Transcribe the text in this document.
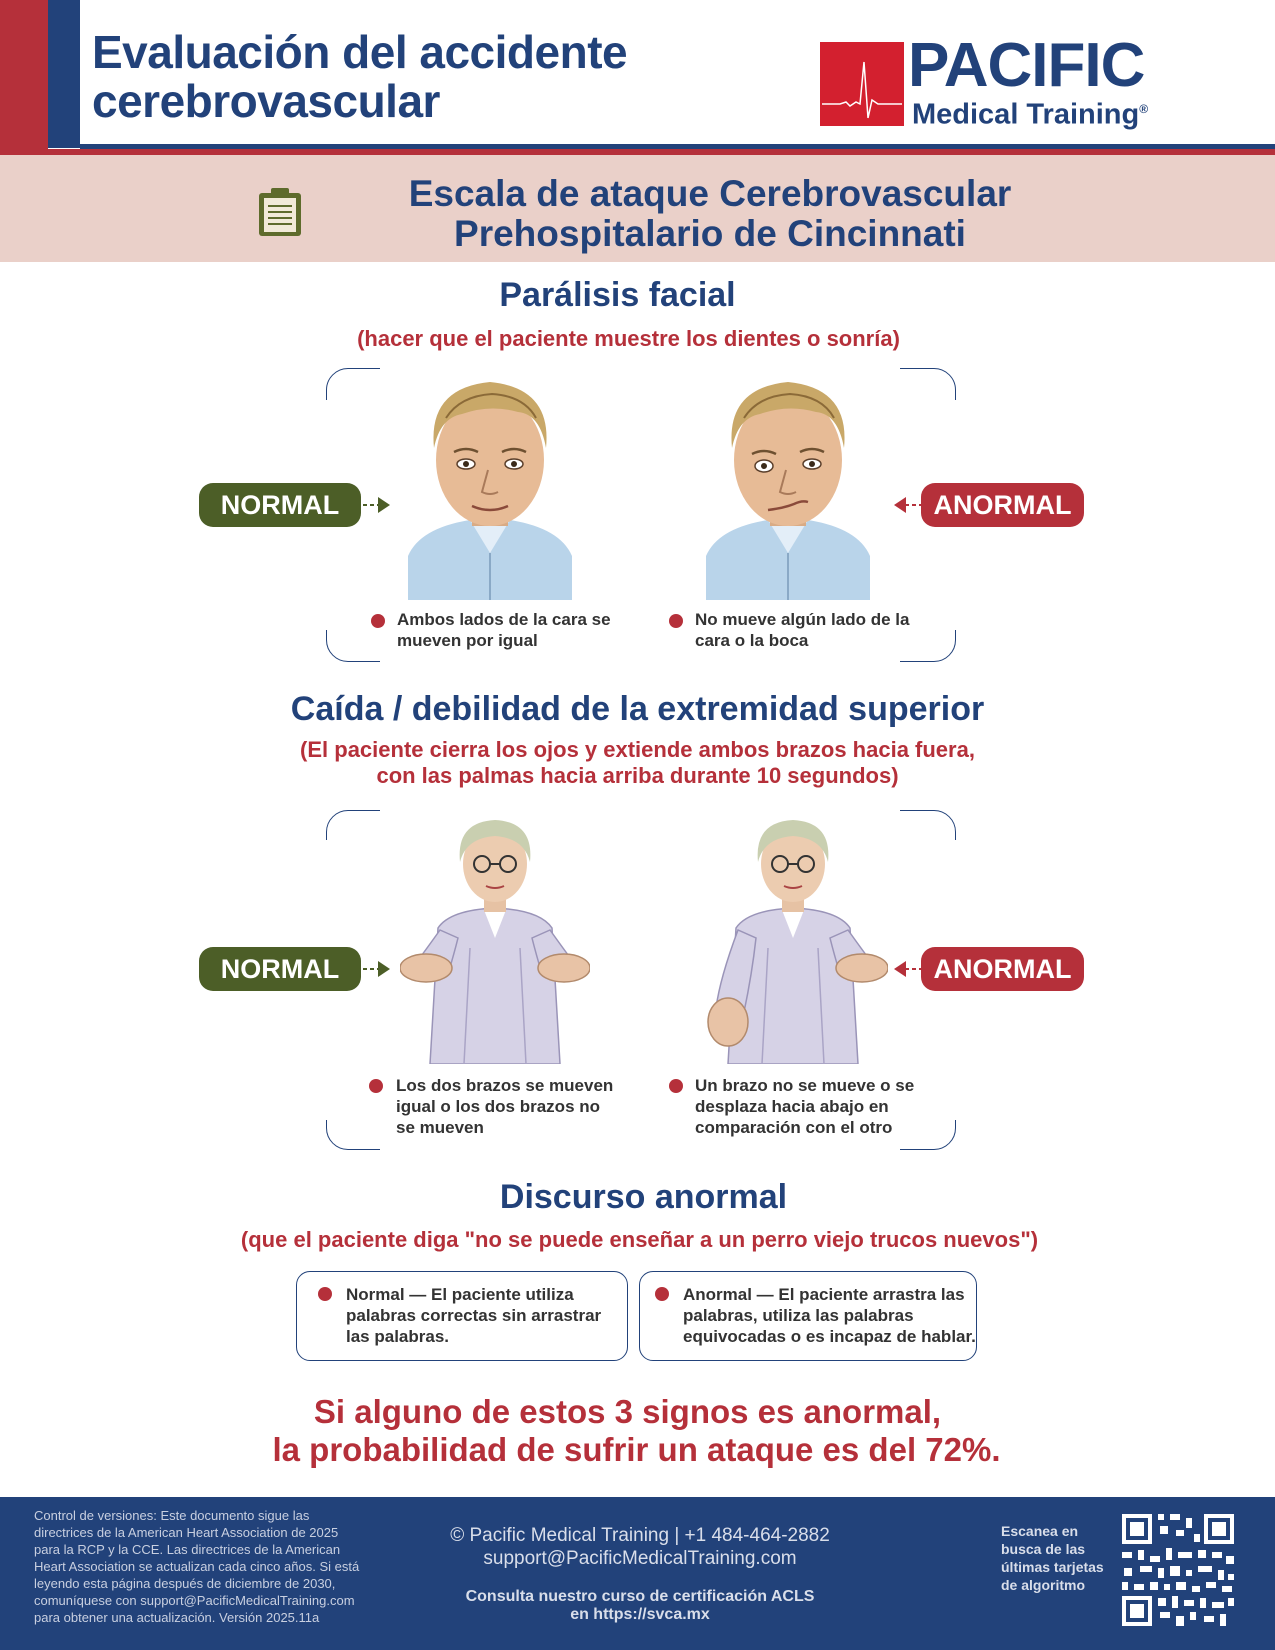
Evaluación del accidente
cerebrovascular
PACIFIC
Medical Training®
Escala de ataque Cerebrovascular
Prehospitalario de Cincinnati
Parálisis facial
(hacer que el paciente muestre los dientes o sonría)
NORMAL	ANORMAL
Ambos lados de la cara se
mueven por igual
No mueve algún lado de la
cara o la boca
Caída / debilidad de la extremidad superior
(El paciente cierra los ojos y extiende ambos brazos hacia fuera,
con las palmas hacia arriba durante 10 segundos)
NORMAL	ANORMAL
Los dos brazos se mueven
igual o los dos brazos no
se mueven
Un brazo no se mueve o se
desplaza hacia abajo en
comparación con el otro
Discurso anormal
(que el paciente diga "no se puede enseñar a un perro viejo trucos nuevos")
Normal — El paciente utiliza
palabras correctas sin arrastrar
las palabras.
Anormal — El paciente arrastra las
palabras, utiliza las palabras
equivocadas o es incapaz de hablar.
Si alguno de estos 3 signos es anormal,
la probabilidad de sufrir un ataque es del 72%.
Control de versiones: Este documento sigue las
directrices de la American Heart Association de 2025
para la RCP y la CCE. Las directrices de la American
Heart Association se actualizan cada cinco años. Si está
leyendo esta página después de diciembre de 2030,
comuníquese con support@PacificMedicalTraining.com
para obtener una actualización. Versión 2025.11a
© Pacific Medical Training | +1 484-464-2882
support@PacificMedicalTraining.com
Consulta nuestro curso de certificación ACLS
en https://svca.mx
Escanea en
busca de las
últimas tarjetas
de algoritmo
